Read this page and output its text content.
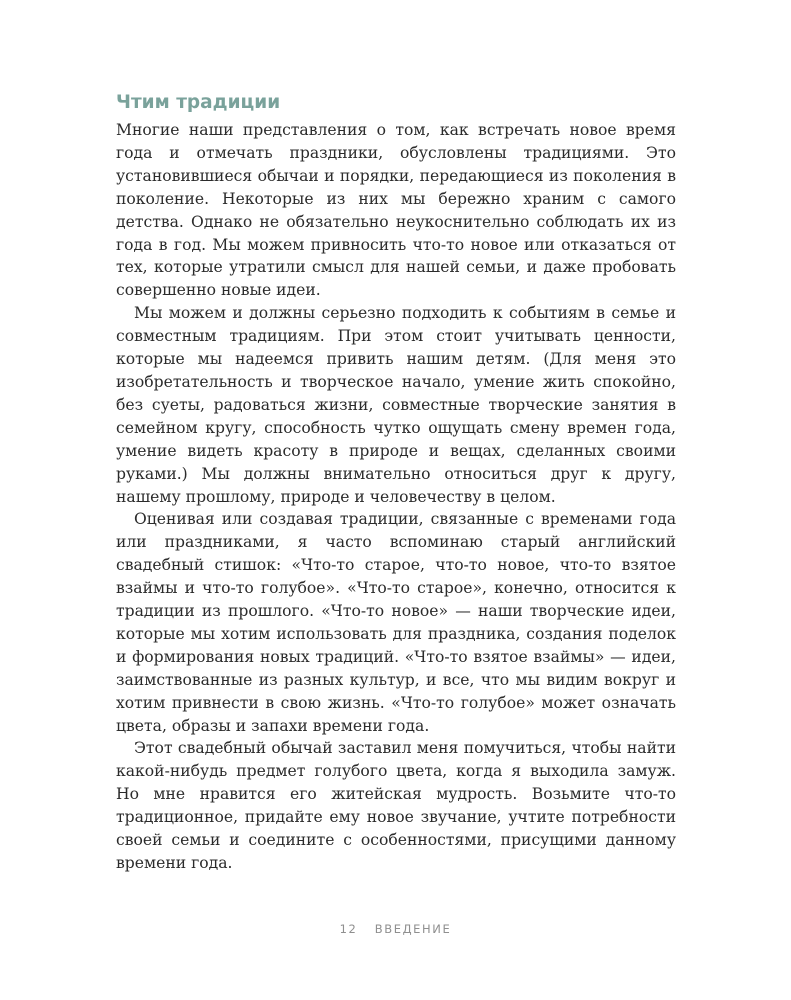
Чтим традиции

Многие наши представления о том, как встречать новое время года и отмечать праздники, обусловлены традициями. Это установившиеся обычаи и порядки, передающиеся из поколения в поколение. Некоторые из них мы бережно храним с самого детства. Однако не обязательно неукоснительно соблюдать их из года в год. Мы можем привносить что-то новое или отказаться от тех, которые утратили смысл для нашей семьи, и даже пробовать совершенно новые идеи.

Мы можем и должны серьезно подходить к событиям в семье и совместным традициям. При этом стоит учитывать ценности, которые мы надеемся привить нашим детям. (Для меня это изобретательность и творческое начало, умение жить спокойно, без суеты, радоваться жизни, совместные творческие занятия в семейном кругу, способность чутко ощущать смену времен года, умение видеть красоту в природе и вещах, сделанных своими руками.) Мы должны внимательно относиться друг к другу, нашему прошлому, природе и человечеству в целом.

Оценивая или создавая традиции, связанные с временами года или праздниками, я часто вспоминаю старый английский свадебный стишок: «Что-то старое, что-то новое, что-то взятое взаймы и что-то голубое». «Что-то старое», конечно, относится к традиции из прошлого. «Что-то новое» — наши творческие идеи, которые мы хотим использовать для праздника, создания поделок и формирования новых традиций. «Что-то взятое взаймы» — идеи, заимствованные из разных культур, и все, что мы видим вокруг и хотим привнести в свою жизнь. «Что-то голубое» может означать цвета, образы и запахи времени года.

Этот свадебный обычай заставил меня помучиться, чтобы найти какой-нибудь предмет голубого цвета, когда я выходила замуж. Но мне нравится его житейская мудрость. Возьмите что-то традиционное, придайте ему новое звучание, учтите потребности своей семьи и соедините с особенностями, присущими данному времени года.

12 ВВЕДЕНИЕ
